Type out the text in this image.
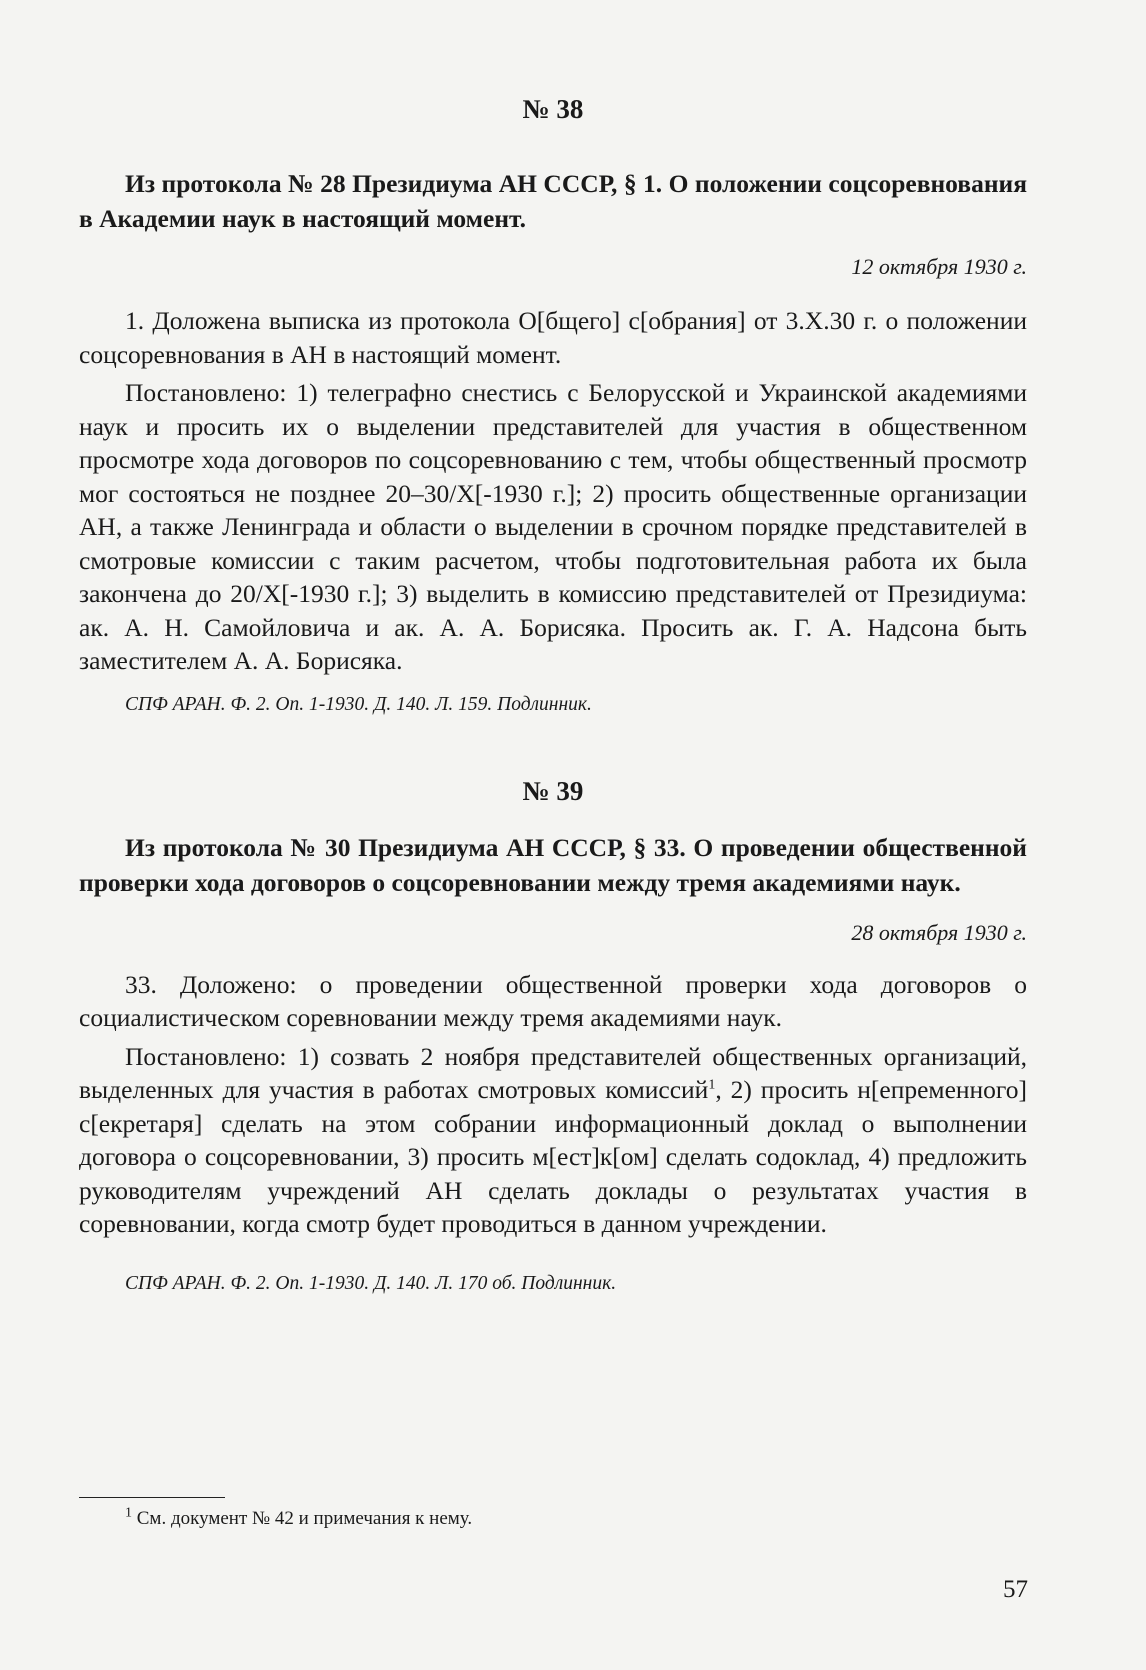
№ 38

Из протокола № 28 Президиума АН СССР, § 1. О положении соцсоревнования в Академии наук в настоящий момент.

12 октября 1930 г.

1. Доложена выписка из протокола О[бщего] с[обрания] от 3.X.30 г. о положении соцсоревнования в АН в настоящий момент.

Постановлено: 1) телеграфно снестись с Белорусской и Украинской академиями наук и просить их о выделении представителей для участия в общественном просмотре хода договоров по соцсоревнованию с тем, чтобы общественный просмотр мог состояться не позднее 20–30/X[-1930 г.]; 2) просить общественные организации АН, а также Ленинграда и области о выделении в срочном порядке представителей в смотровые комиссии с таким расчетом, чтобы подготовительная работа их была закончена до 20/X[-1930 г.]; 3) выделить в комиссию представителей от Президиума: ак. А. Н. Самойловича и ак. А. А. Борисяка. Просить ак. Г. А. Надсона быть заместителем А. А. Борисяка.

СПФ АРАН. Ф. 2. Оп. 1-1930. Д. 140. Л. 159. Подлинник.

№ 39

Из протокола № 30 Президиума АН СССР, § 33. О проведении общественной проверки хода договоров о соцсоревновании между тремя академиями наук.

28 октября 1930 г.

33. Доложено: о проведении общественной проверки хода договоров о социалистическом соревновании между тремя академиями наук.

Постановлено: 1) созвать 2 ноября представителей общественных организаций, выделенных для участия в работах смотровых комиссий$^1$, 2) просить н[епременного] с[екретаря] сделать на этом собрании информационный доклад о выполнении договора о соцсоревновании, 3) просить м[ест]к[ом] сделать содоклад, 4) предложить руководителям учреждений АН сделать доклады о результатах участия в соревновании, когда смотр будет проводиться в данном учреждении.

СПФ АРАН. Ф. 2. Оп. 1-1930. Д. 140. Л. 170 об. Подлинник.

$^1$ См. документ № 42 и примечания к нему.

57
